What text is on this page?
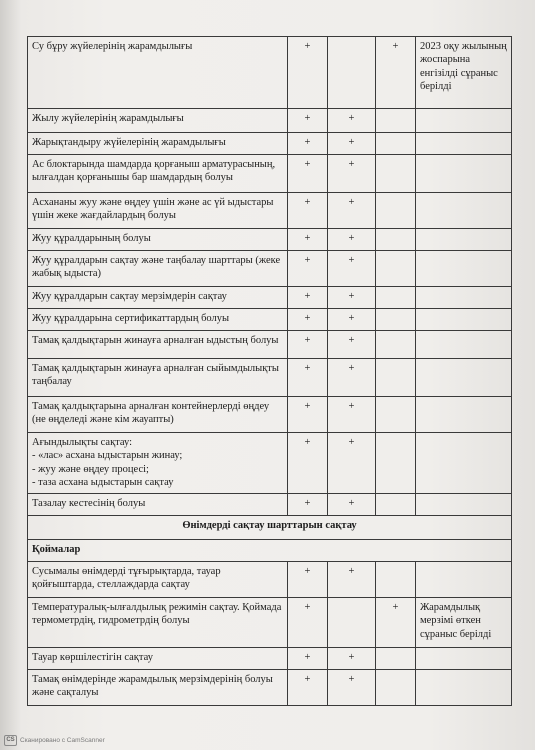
Су бұру жүйелерінің жарамдылығы	+		+	2023 оқу жылының жоспарына енгізілді сұраныс берілді
Жылу жүйелерінің жарамдылығы	+	+		
Жарықтандыру жүйелерінің жарамдылығы	+	+		
Ас блоктарында шамдарда қорғаныш арматурасының, ылғалдан қорғанышы бар шамдардың болуы	+	+		
Асхананы жуу және өңдеу үшін және ас үй ыдыстары үшін жеке жағдайлардың болуы	+	+		
Жуу құралдарының болуы	+	+		
Жуу құралдарын сақтау және таңбалау шарттары (жеке жабық ыдыста)	+	+		
Жуу құралдарын сақтау мерзімдерін сақтау	+	+		
Жуу құралдарына сертификаттардың болуы	+	+		
Тамақ қалдықтарын жинауға арналған ыдыстың болуы	+	+		
Тамақ қалдықтарын жинауға арналған сыйымдылықты таңбалау	+	+		
Тамақ қалдықтарына арналған контейнерлерді өңдеу (не өңделеді және кім жауапты)	+	+		

Ағындылықты сақтау:
- «лас» асхана ыдыстарын жинау;
- жуу және өңдеу процесі;
- таза асхана ыдыстарын сақтау	+	+		
Тазалау кестесінің болуы	+	+		
Өнімдерді сақтау шарттарын сақтау				
Қоймалар				
Сусымалы өнімдерді тұғырықтарда, тауар қойғыштарда, стеллаждарда сақтау	+	+		
Температуралық-ылғалдылық режимін сақтау. Қоймада термометрдің, гидрометрдің болуы	+		+	Жарамдылық мерзімі өткен сұраныс берілді
Тауар көршілестігін сақтау	+	+		
Тамақ өнімдерінде жарамдылық мерзімдерінің болуы және сақталуы	+	+		
CS Сканировано с CamScanner
